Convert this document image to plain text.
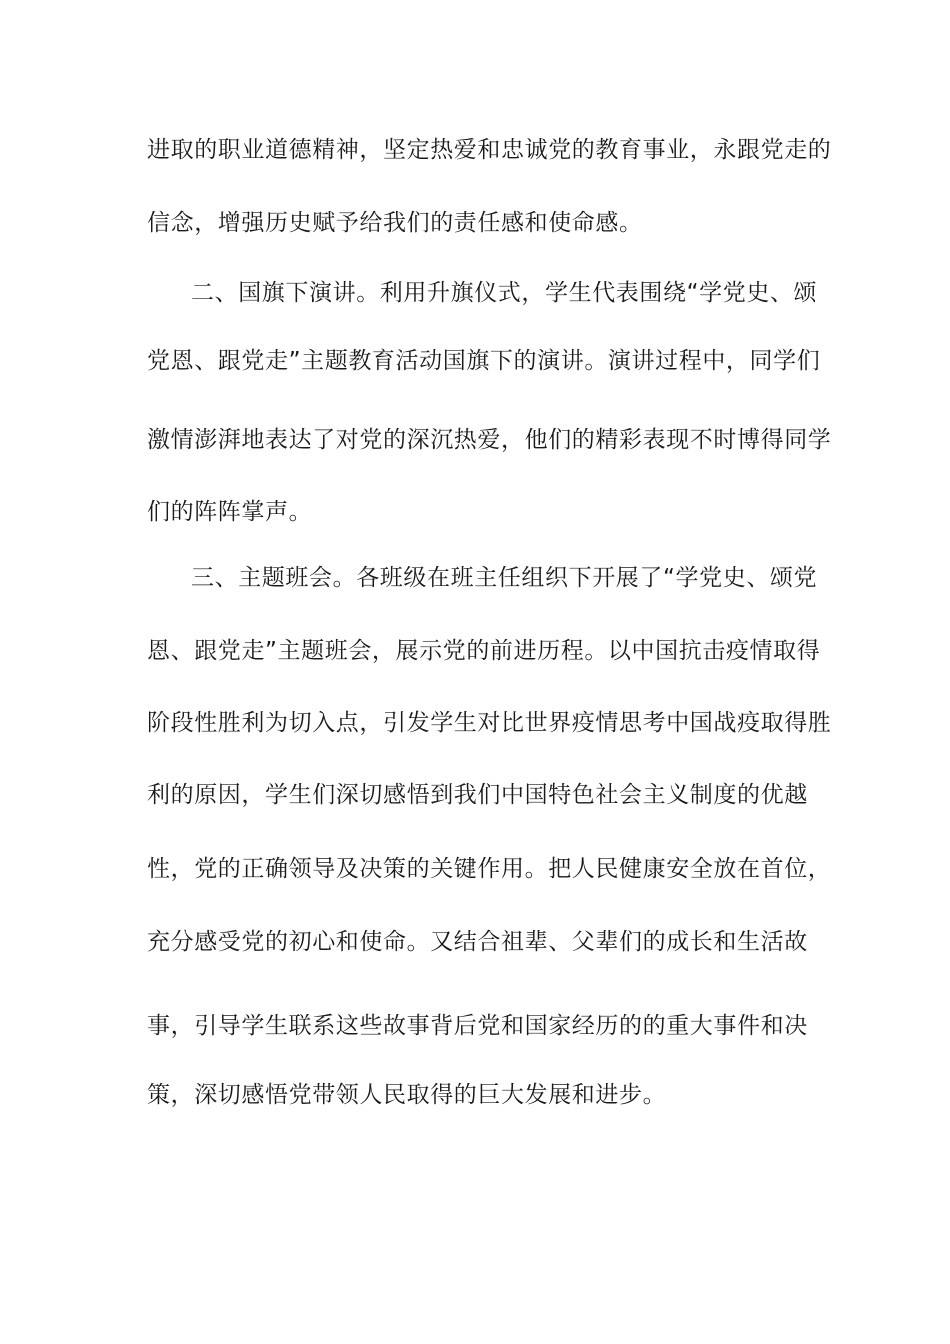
进取的职业道德精神，坚定热爱和忠诚党的教育事业，永跟党走的
信念，增强历史赋予给我们的责任感和使命感。
二、国旗下演讲。利用升旗仪式，学生代表围绕“学党史、颂
党恩、跟党走”主题教育活动国旗下的演讲。演讲过程中，同学们
激情澎湃地表达了对党的深沉热爱，他们的精彩表现不时博得同学
们的阵阵掌声。
三、主题班会。各班级在班主任组织下开展了“学党史、颂党
恩、跟党走”主题班会，展示党的前进历程。以中国抗击疫情取得
阶段性胜利为切入点，引发学生对比世界疫情思考中国战疫取得胜
利的原因，学生们深切感悟到我们中国特色社会主义制度的优越
性，党的正确领导及决策的关键作用。把人民健康安全放在首位，
充分感受党的初心和使命。又结合祖辈、父辈们的成长和生活故
事，引导学生联系这些故事背后党和国家经历的的重大事件和决
策，深切感悟党带领人民取得的巨大发展和进步。
